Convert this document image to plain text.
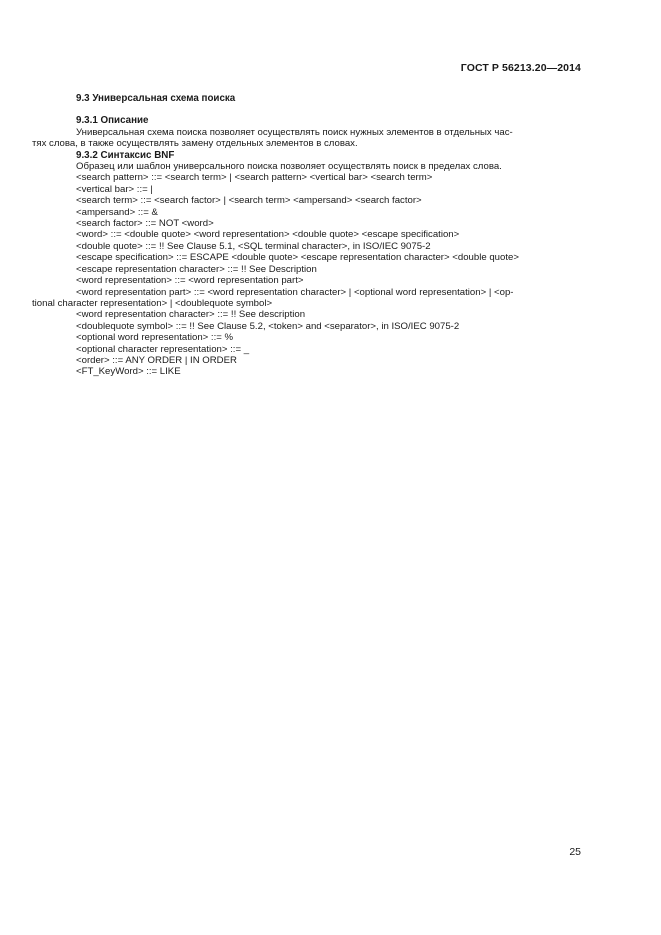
ГОСТ Р 56213.20—2014

9.3 Универсальная схема поиска

9.3.1 Описание

Универсальная схема поиска позволяет осуществлять поиск нужных элементов в отдельных час-

тях слова, в также осуществлять замену отдельных элементов в словах.

9.3.2 Синтаксис BNF

Образец или шаблон универсального поиска позволяет осуществлять поиск в пределах слова.

<search pattern> ::= <search term> | <search pattern> <vertical bar> <search term>

<vertical bar> ::= |

<search term> ::= <search factor> | <search term> <ampersand> <search factor>

<ampersand> ::= &

<search factor> ::= NOT <word>

<word> ::= <double quote> <word representation> <double quote> <escape specification>

<double quote> ::= !! See Clause 5.1, <SQL terminal character>, in ISO/IEC 9075-2

<escape specification> ::= ESCAPE <double quote> <escape representation character> <double quote>

<escape representation character> ::= !! See Description

<word representation> ::= <word representation part>

<word representation part> ::= <word representation character> | <optional word representation> | <op-

tional character representation> | <doublequote symbol>

<word representation character> ::= !! See description

<doublequote symbol> ::= !! See Clause 5.2, <token> and <separator>, in ISO/IEC 9075-2

<optional word representation> ::= %

<optional character representation> ::= _

<order> ::= ANY ORDER | IN ORDER

<FT_KeyWord> ::= LIKE

25
